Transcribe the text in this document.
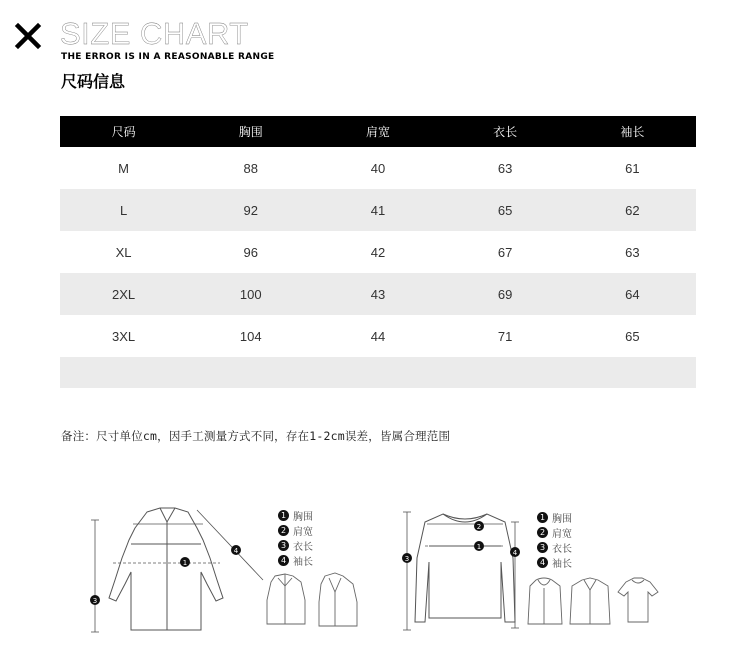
SIZE CHART
THE ERROR IS IN A REASONABLE RANGE
尺码信息
尺码	胸围	肩宽	衣长	袖长
M	88	40	63	61
L	92	41	65	62
XL	96	42	67	63
2XL	100	43	69	64
3XL	104	44	71	65

备注：尺寸单位cm，因手工测量方式不同，存在1-2cm误差，皆属合理范围
1
3
4
1 胸围
2 肩宽
3 衣长
4 袖长
1
2
3
4
1 胸围
2 肩宽
3 衣长
4 袖长
